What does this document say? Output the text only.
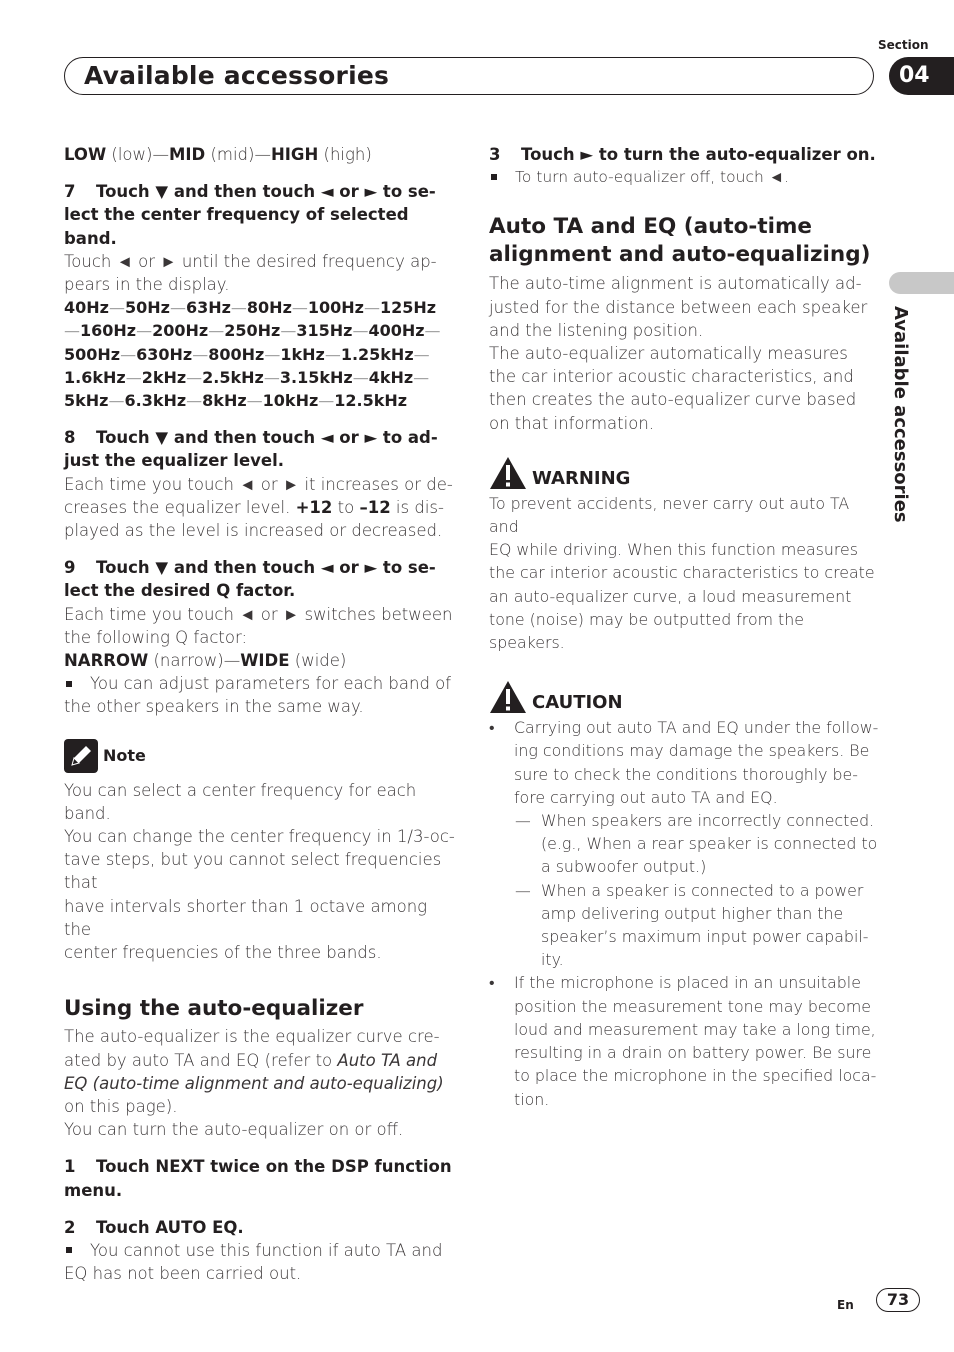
Available accessories
Section
04
Available accessories

LOW (low)—MID (mid)—HIGH (high)

7 Touch ▼ and then touch ◄ or ► to se-

lect the center frequency of selected band.

Touch ◄ or ► until the desired frequency ap-

pears in the display.

40Hz—50Hz—63Hz—80Hz—100Hz—125Hz

—160Hz—200Hz—250Hz—315Hz—400Hz—

500Hz—630Hz—800Hz—1kHz—1.25kHz—

1.6kHz—2kHz—2.5kHz—3.15kHz—4kHz—

5kHz—6.3kHz—8kHz—10kHz—12.5kHz

8 Touch ▼ and then touch ◄ or ► to ad-

just the equalizer level.

Each time you touch ◄ or ► it increases or de-

creases the equalizer level. +12 to –12 is dis-

played as the level is increased or decreased.

9 Touch ▼ and then touch ◄ or ► to se-

lect the desired Q factor.

Each time you touch ◄ or ► switches between

the following Q factor:

NARROW (narrow)—WIDE (wide)

You can adjust parameters for each band of

the other speakers in the same way.

Note

You can select a center frequency for each band.

You can change the center frequency in 1/3-oc-

tave steps, but you cannot select frequencies that

have intervals shorter than 1 octave among the

center frequencies of the three bands.

Using the auto-equalizer

The auto-equalizer is the equalizer curve cre-

ated by auto TA and EQ (refer to Auto TA and

EQ (auto-time alignment and auto-equalizing)

on this page).

You can turn the auto-equalizer on or off.

1 Touch NEXT twice on the DSP function

menu.

2 Touch AUTO EQ.

You cannot use this function if auto TA and

EQ has not been carried out.

3 Touch ► to turn the auto-equalizer on.

To turn auto-equalizer off, touch ◄.

Auto TA and EQ (auto-time

alignment and auto-equalizing)

The auto-time alignment is automatically ad-

justed for the distance between each speaker

and the listening position.

The auto-equalizer automatically measures

the car interior acoustic characteristics, and

then creates the auto-equalizer curve based

on that information.

WARNING

To prevent accidents, never carry out auto TA and

EQ while driving. When this function measures

the car interior acoustic characteristics to create

an auto-equalizer curve, a loud measurement

tone (noise) may be outputted from the speakers.

CAUTION

• Carrying out auto TA and EQ under the follow-

ing conditions may damage the speakers. Be

sure to check the conditions thoroughly be-

fore carrying out auto TA and EQ.

— When speakers are incorrectly connected.

(e.g., When a rear speaker is connected to

a subwoofer output.)

— When a speaker is connected to a power

amp delivering output higher than the

speaker’s maximum input power capabil-

ity.

• If the microphone is placed in an unsuitable

position the measurement tone may become

loud and measurement may take a long time,

resulting in a drain on battery power. Be sure

to place the microphone in the specified loca-

tion.

En	73
